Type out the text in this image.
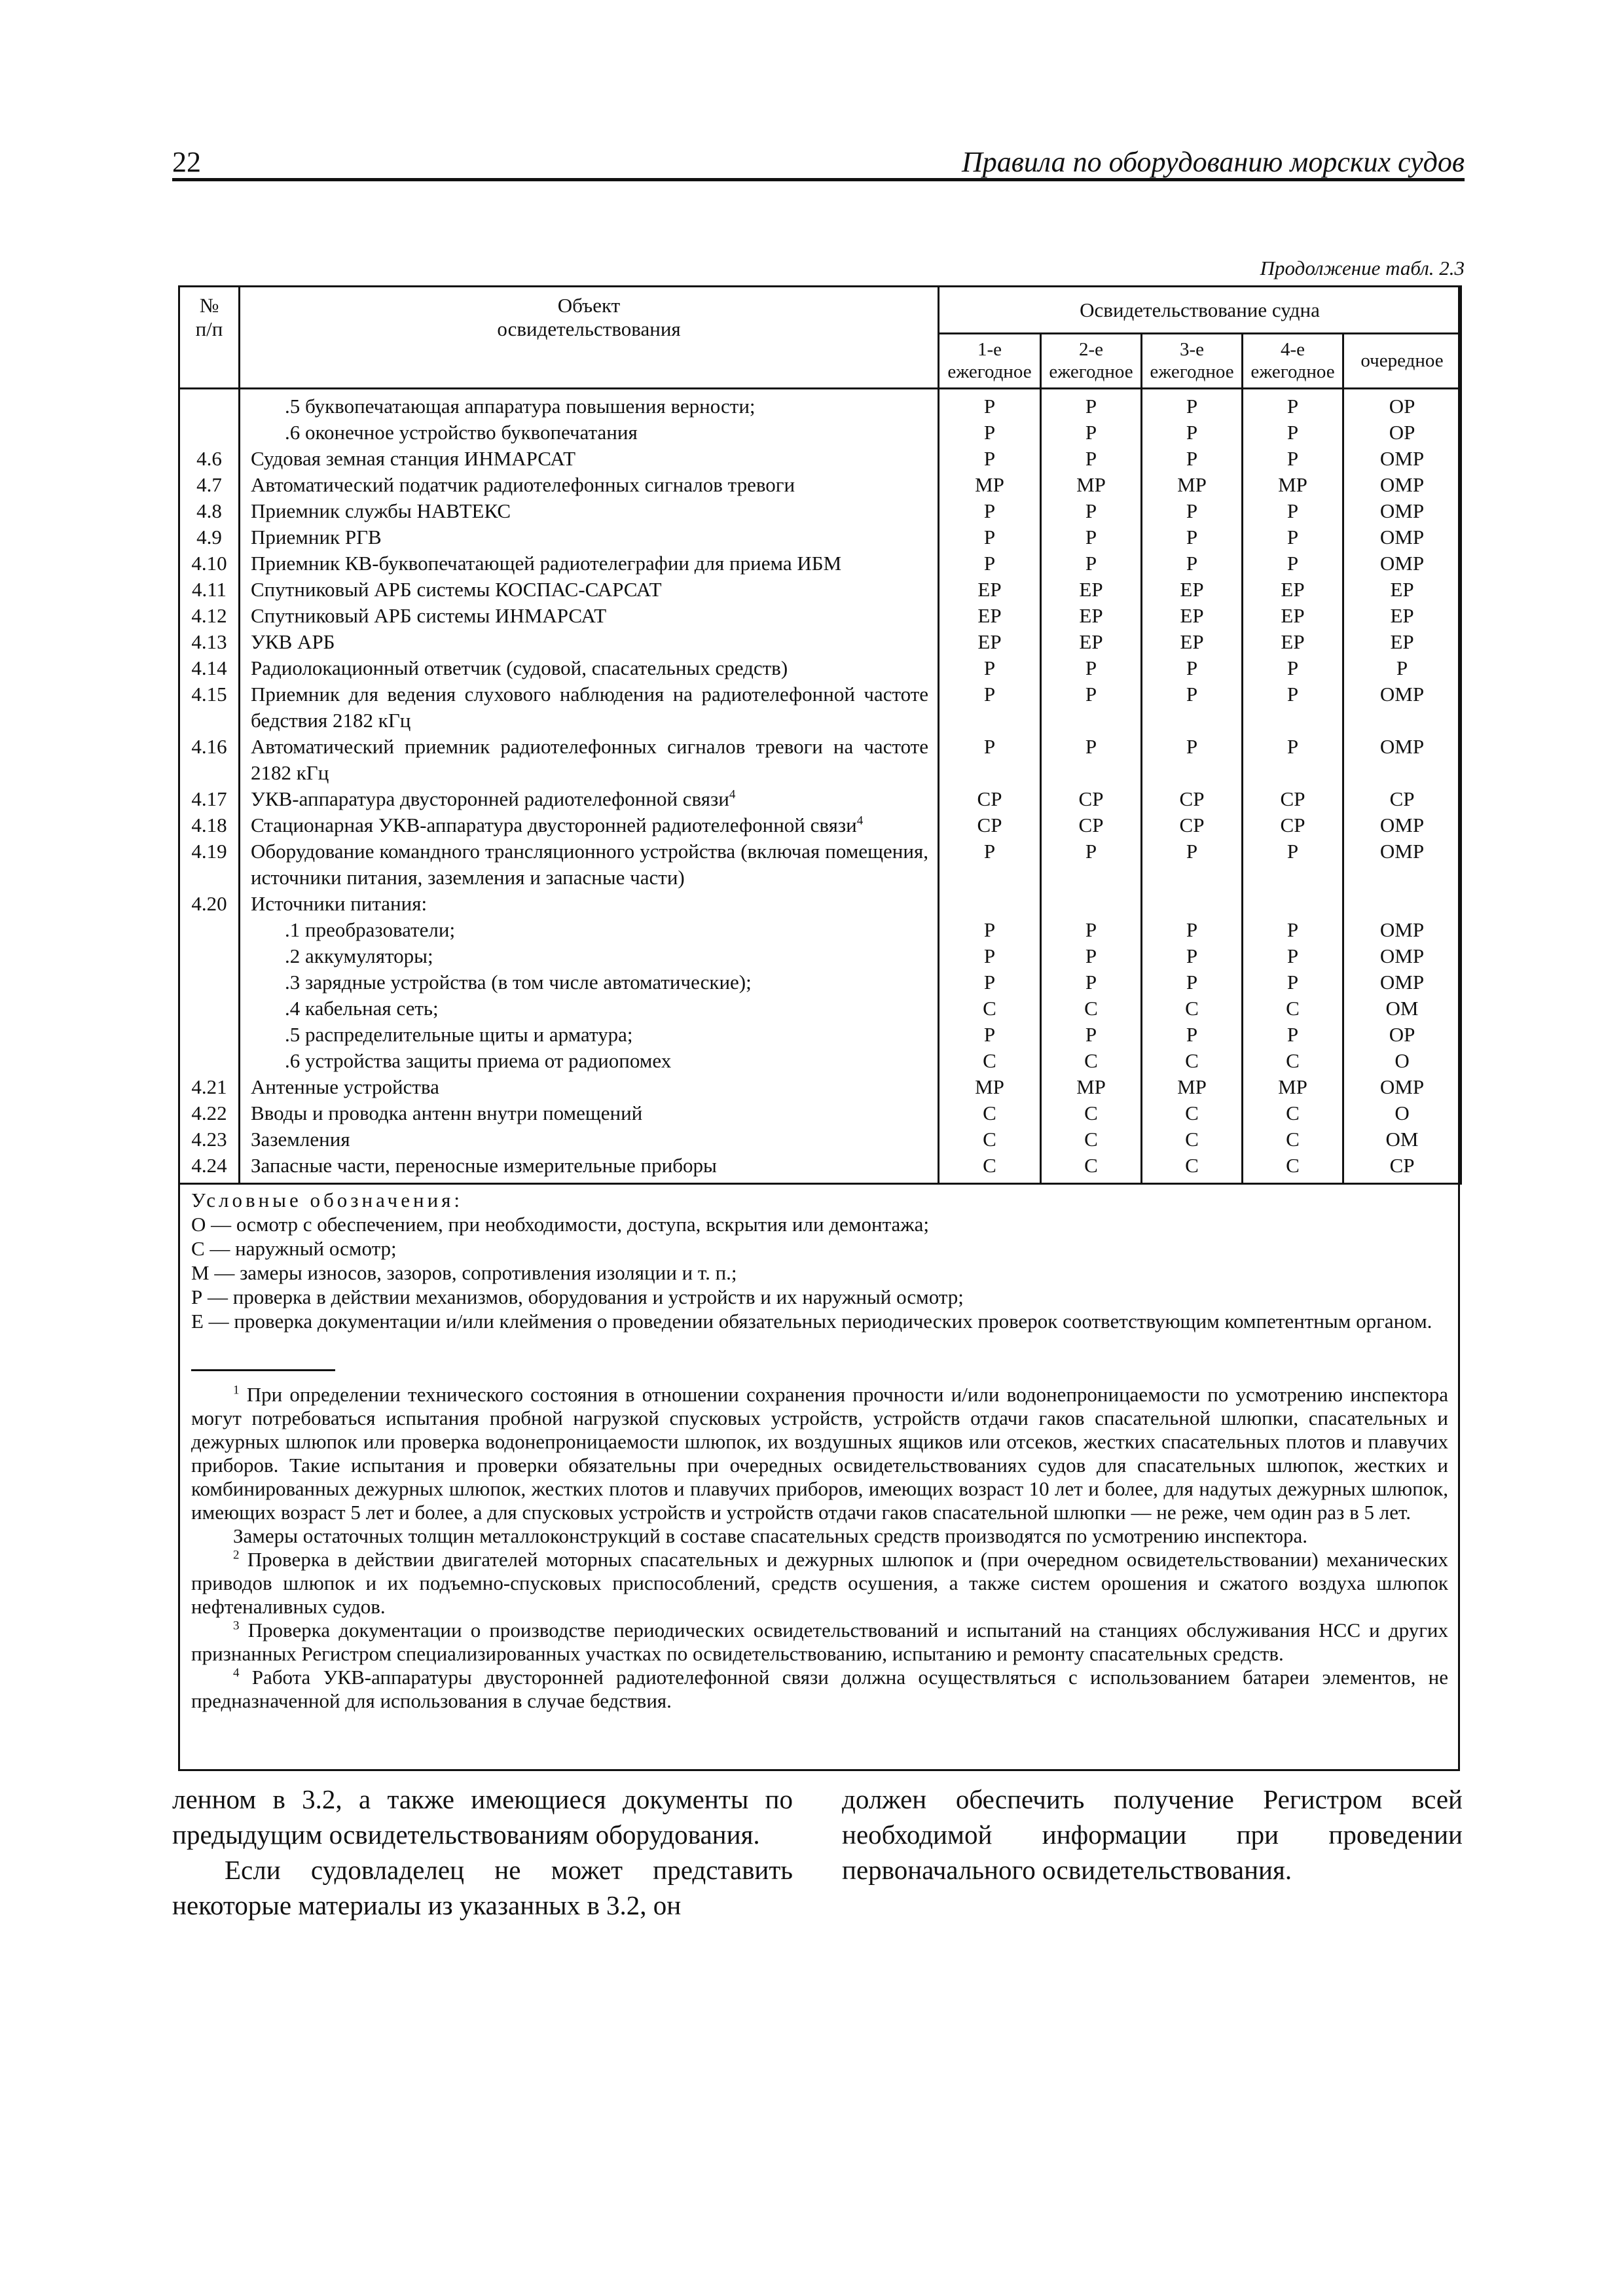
22	Правила по оборудованию морских судов
Продолжение табл. 2.3
№ п/п	Объект освидетельствования	Освидетельствование судна				
		1-е ежегодное	2-е ежегодное	3-е ежегодное	4-е ежегодное	очередное
	.5 буквопечатающая аппаратура повышения верности;	Р	Р	Р	Р	ОР
	.6 оконечное устройство буквопечатания	Р	Р	Р	Р	ОР
4.6	Судовая земная станция ИНМАРСАТ	Р	Р	Р	Р	ОМР
4.7	Автоматический податчик радиотелефонных сигналов тревоги	МР	МР	МР	МР	ОМР
4.8	Приемник службы НАВТЕКС	Р	Р	Р	Р	ОМР
4.9	Приемник РГВ	Р	Р	Р	Р	ОМР
4.10	Приемник КВ-буквопечатающей радиотелеграфии для приема ИБМ	Р	Р	Р	Р	ОМР
4.11	Спутниковый АРБ системы КОСПАС-САРСАТ	ЕР	ЕР	ЕР	ЕР	ЕР
4.12	Спутниковый АРБ системы ИНМАРСАТ	ЕР	ЕР	ЕР	ЕР	ЕР
4.13	УКВ АРБ	ЕР	ЕР	ЕР	ЕР	ЕР
4.14	Радиолокационный ответчик (судовой, спасательных средств)	Р	Р	Р	Р	Р
4.15	Приемник для ведения слухового наблюдения на радиотелефонной частоте бедствия 2182 кГц	Р	Р	Р	Р	ОМР
4.16	Автоматический приемник радиотелефонных сигналов тревоги на частоте 2182 кГц	Р	Р	Р	Р	ОМР
4.17	УКВ-аппаратура двусторонней радиотелефонной связи$^4$	СР	СР	СР	СР	СР
4.18	Стационарная УКВ-аппаратура двусторонней радиотелефонной связи$^4$	СР	СР	СР	СР	ОМР
4.19	Оборудование командного трансляционного устройства (включая помещения, источники питания, заземления и запасные части)	Р	Р	Р	Р	ОМР
4.20	Источники питания:					
	.1 преобразователи;	Р	Р	Р	Р	ОМР
	.2 аккумуляторы;	Р	Р	Р	Р	ОМР
	.3 зарядные устройства (в том числе автоматические);	Р	Р	Р	Р	ОМР
	.4 кабельная сеть;	С	С	С	С	ОМ
	.5 распределительные щиты и арматура;	Р	Р	Р	Р	ОР
	.6 устройства защиты приема от радиопомех	С	С	С	С	О
4.21	Антенные устройства	МР	МР	МР	МР	ОМР
4.22	Вводы и проводка антенн внутри помещений	С	С	С	С	О
4.23	Заземления	С	С	С	С	ОМ
4.24	Запасные части, переносные измерительные приборы	С	С	С	С	СР

Условные обозначения:

О — осмотр с обеспечением, при необходимости, доступа, вскрытия или демонтажа;

С — наружный осмотр;

М — замеры износов, зазоров, сопротивления изоляции и т. п.;

Р — проверка в действии механизмов, оборудования и устройств и их наружный осмотр;

Е — проверка документации и/или клеймения о проведении обязательных периодических проверок соответствующим компетентным органом.

$^1$ При определении технического состояния в отношении сохранения прочности и/или водонепроницаемости по усмотрению инспектора могут потребоваться испытания пробной нагрузкой спусковых устройств, устройств отдачи гаков спасательной шлюпки, спасательных и дежурных шлюпок или проверка водонепроницаемости шлюпок, их воздушных ящиков или отсеков, жестких спасательных плотов и плавучих приборов. Такие испытания и проверки обязательны при очередных освидетельствованиях судов для спасательных шлюпок, жестких и комбинированных дежурных шлюпок, жестких плотов и плавучих приборов, имеющих возраст 10 лет и более, для надутых дежурных шлюпок, имеющих возраст 5 лет и более, а для спусковых устройств и устройств отдачи гаков спасательной шлюпки — не реже, чем один раз в 5 лет.

Замеры остаточных толщин металлоконструкций в составе спасательных средств производятся по усмотрению инспектора.

$^2$ Проверка в действии двигателей моторных спасательных и дежурных шлюпок и (при очередном освидетельствовании) механических приводов шлюпок и их подъемно-спусковых приспособлений, средств осушения, а также систем орошения и сжатого воздуха шлюпок нефтеналивных судов.

$^3$ Проверка документации о производстве периодических освидетельствований и испытаний на станциях обслуживания НСС и других признанных Регистром специализированных участках по освидетельствованию, испытанию и ремонту спасательных средств.

$^4$ Работа УКВ-аппаратуры двусторонней радиотелефонной связи должна осуществляться с использованием батареи элементов, не предназначенной для использования в случае бедствия.

ленном в 3.2, а также имеющиеся документы по предыдущим освидетельствованиям оборудования.

Если судовладелец не может представить некоторые материалы из указанных в 3.2, он

должен обеспечить получение Регистром всей необходимой информации при проведении первоначального освидетельствования.
